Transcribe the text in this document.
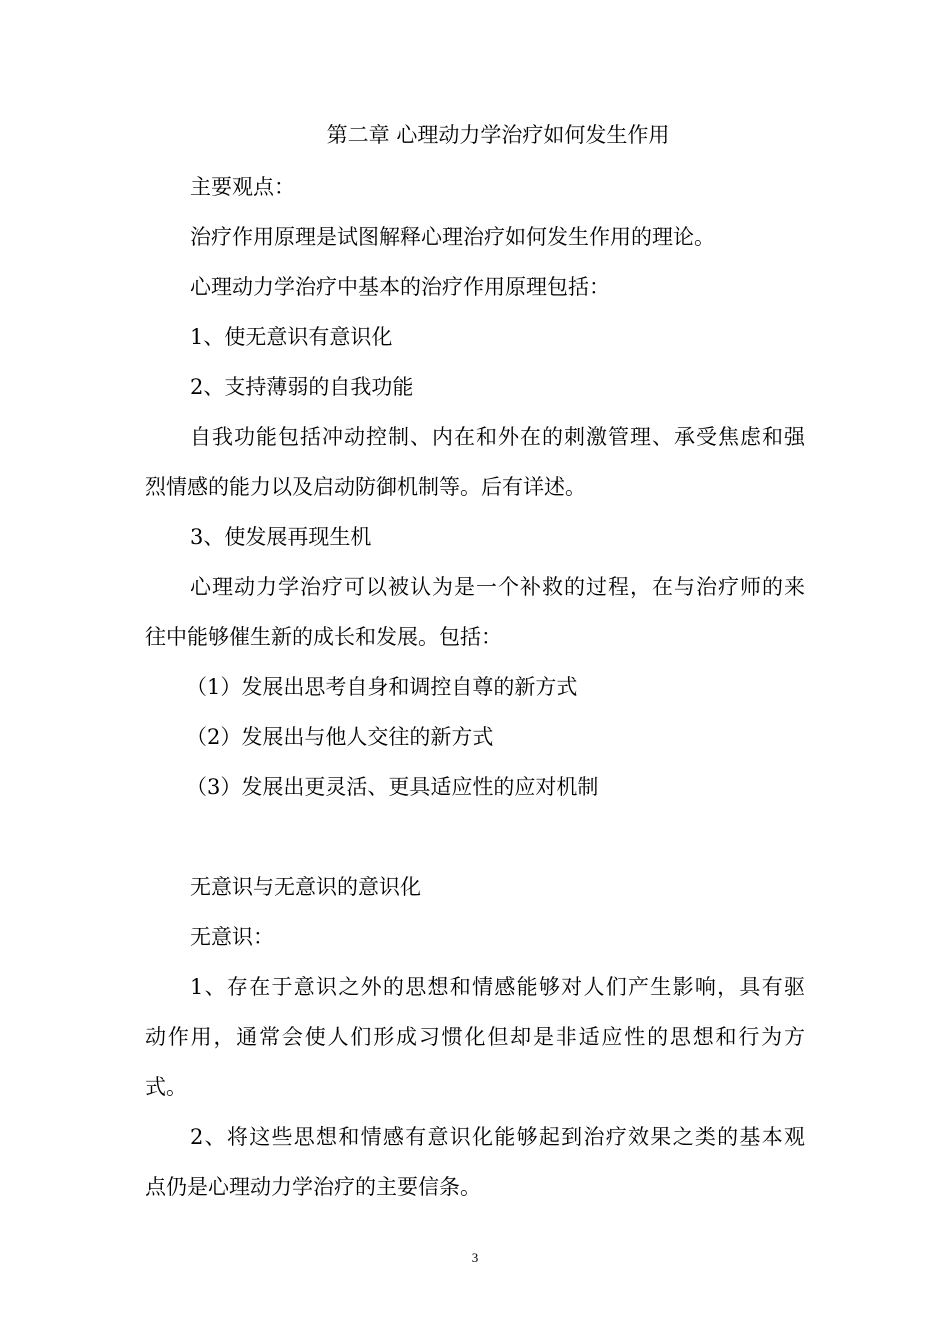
第二章 心理动力学治疗如何发生作用
主要观点：
治疗作用原理是试图解释心理治疗如何发生作用的理论。
心理动力学治疗中基本的治疗作用原理包括：
1、使无意识有意识化
2、支持薄弱的自我功能
自我功能包括冲动控制、内在和外在的刺激管理、承受焦虑和强
烈情感的能力以及启动防御机制等。后有详述。
3、使发展再现生机
心理动力学治疗可以被认为是一个补救的过程，在与治疗师的来
往中能够催生新的成长和发展。包括：
（1）发展出思考自身和调控自尊的新方式
（2）发展出与他人交往的新方式
（3）发展出更灵活、更具适应性的应对机制
无意识与无意识的意识化
无意识：
1、存在于意识之外的思想和情感能够对人们产生影响，具有驱
动作用，通常会使人们形成习惯化但却是非适应性的思想和行为方
式。
2、将这些思想和情感有意识化能够起到治疗效果之类的基本观
点仍是心理动力学治疗的主要信条。
3
